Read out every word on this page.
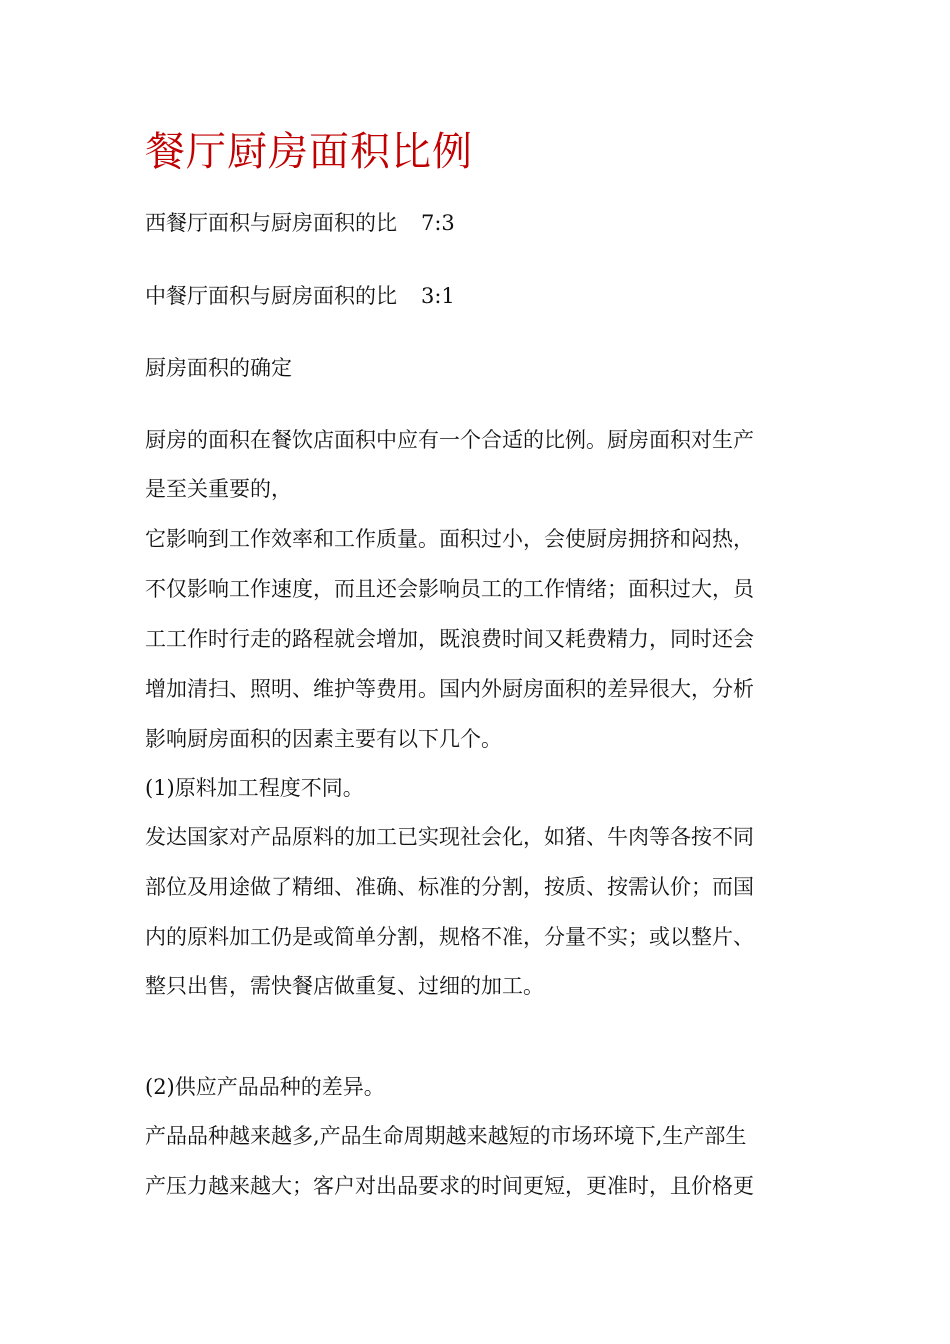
餐厅厨房面积比例
西餐厅面积与厨房面积的比 7:3
中餐厅面积与厨房面积的比 3:1
厨房面积的确定
厨房的面积在餐饮店面积中应有一个合适的比例。厨房面积对生产
是至关重要的，
它影响到工作效率和工作质量。面积过小，会使厨房拥挤和闷热，
不仅影响工作速度，而且还会影响员工的工作情绪；面积过大，员
工工作时行走的路程就会增加，既浪费时间又耗费精力，同时还会
增加清扫、照明、维护等费用。国内外厨房面积的差异很大，分析
影响厨房面积的因素主要有以下几个。
(1)原料加工程度不同。
发达国家对产品原料的加工已实现社会化，如猪、牛肉等各按不同
部位及用途做了精细、准确、标准的分割，按质、按需认价；而国
内的原料加工仍是或简单分割，规格不准，分量不实；或以整片、
整只出售，需快餐店做重复、过细的加工。
(2)供应产品品种的差异。
产品品种越来越多,产品生命周期越来越短的市场环境下,生产部生
产压力越来越大；客户对出品要求的时间更短，更准时，且价格更
